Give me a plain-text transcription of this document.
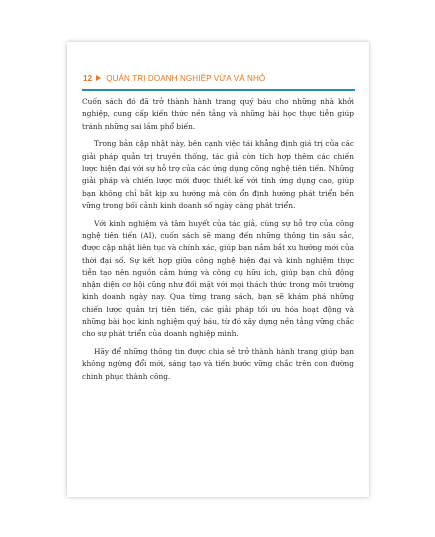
12 QUẢN TRỊ DOANH NGHIỆP VỪA VÀ NHỎ

Cuốn sách đó đã trở thành hành trang quý báu cho những nhà khởi nghiệp, cung cấp kiến thức nền tảng và những bài học thực tiễn giúp tránh những sai lầm phổ biến.

Trong bản cập nhật này, bên cạnh việc tái khẳng định giá trị của các giải pháp quản trị truyền thống, tác giả còn tích hợp thêm các chiến lược hiện đại với sự hỗ trợ của các ứng dụng công nghệ tiên tiến. Những giải pháp và chiến lược mới được thiết kế với tính ứng dụng cao, giúp bạn không chỉ bắt kịp xu hướng mà còn ổn định hướng phát triển bền vững trong bối cảnh kinh doanh số ngày càng phát triển.

Với kinh nghiệm và tâm huyết của tác giả, cùng sự hỗ trợ của công nghệ tiên tiến (AI), cuốn sách sẽ mang đến những thông tin sâu sắc, được cập nhật liên tục và chính xác, giúp bạn nắm bắt xu hướng mới của thời đại số. Sự kết hợp giữa công nghệ hiện đại và kinh nghiệm thực tiễn tạo nên nguồn cảm hứng và công cụ hữu ích, giúp bạn chủ động nhận diện cơ hội cũng như đối mặt với mọi thách thức trong môi trường kinh doanh ngày nay. Qua từng trang sách, bạn sẽ khám phá những chiến lược quản trị tiên tiến, các giải pháp tối ưu hóa hoạt động và những bài học kinh nghiệm quý báu, từ đó xây dựng nền tảng vững chắc cho sự phát triển của doanh nghiệp mình.

Hãy để những thông tin được chia sẻ trở thành hành trang giúp bạn không ngừng đổi mới, sáng tạo và tiến bước vững chắc trên con đường chinh phục thành công.
